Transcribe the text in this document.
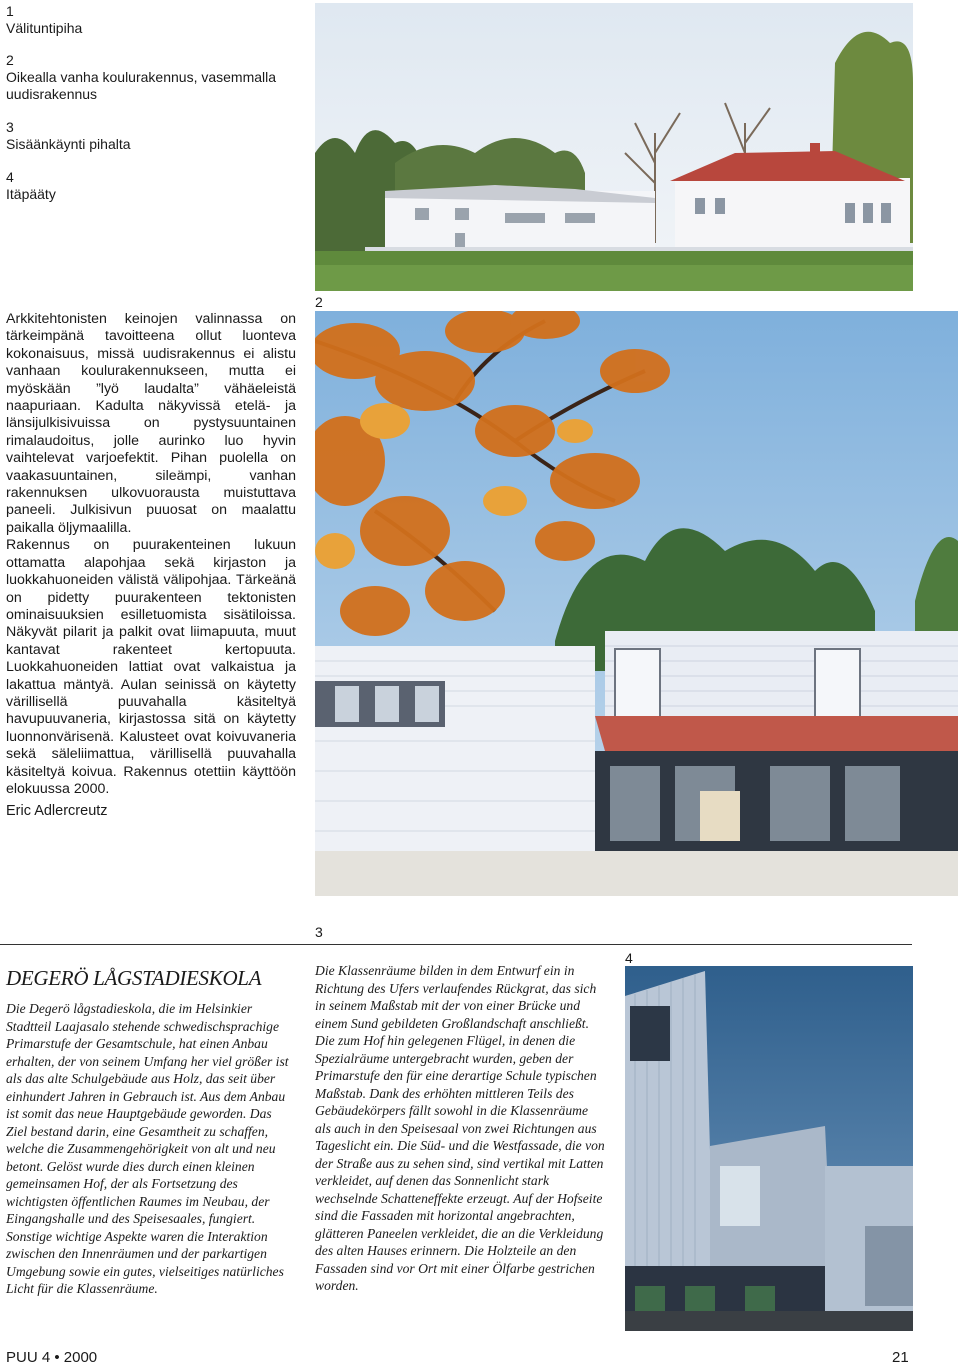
1
Välituntipiha
2
Oikealla vanha koulurakennus, vasemmalla uudisrakennus
3
Sisäänkäynti pihalta
4
Itäpääty

Arkkitehtonisten keinojen valinnassa on tärkeimpänä tavoitteena ollut luonteva kokonaisuus, missä uudisrakennus ei alistu vanhaan koulurakennukseen, mutta ei myöskään ”lyö laudalta” vähäeleistä naapuriaan. Kadulta näkyvissä etelä- ja länsijulkisivuissa on pystysuuntainen rimalaudoitus, jolle aurinko luo hyvin vaihtelevat varjoefektit. Pihan puolella on vaakasuuntainen, sileämpi, vanhan rakennuksen ulkovuorausta muistuttava paneeli. Julkisivun puuosat on maalattu paikalla öljymaalilla.

Rakennus on puurakenteinen lukuun ottamatta alapohjaa sekä kirjaston ja luokkahuoneiden välistä välipohjaa. Tärkeänä on pidetty puurakenteen tektonisten ominaisuuksien esilletuomista sisätiloissa. Näkyvät pilarit ja palkit ovat liimapuuta, muut kantavat rakenteet kertopuuta. Luokkahuoneiden lattiat ovat valkaistua ja lakattua mäntyä. Aulan seinissä on käytetty värillisellä puuvahalla käsiteltyä havupuuvaneria, kirjastossa sitä on käytetty luonnonvärisenä. Kalusteet ovat koivuvaneria sekä säleliimattua, värillisellä puuvahalla käsiteltyä koivua. Rakennus otettiin käyttöön elokuussa 2000.

Eric Adlercreutz
2
3
DEGERÖ LÅGSTADIESKOLA
Die Degerö lågstadieskola, die im Helsinkier Stadtteil Laajasalo stehende schwedischsprachige Primarstufe der Gesamtschule, hat einen Anbau erhalten, der von seinem Umfang her viel größer ist als das alte Schulgebäude aus Holz, das seit über einhundert Jahren in Gebrauch ist. Aus dem Anbau ist somit das neue Hauptgebäude geworden. Das Ziel bestand darin, eine Gesamtheit zu schaffen, welche die Zusammengehörigkeit von alt und neu betont. Gelöst wurde dies durch einen kleinen gemeinsamen Hof, der als Fortsetzung des wichtigsten öffentlichen Raumes im Neubau, der Eingangshalle und des Speisesaales, fungiert. Sonstige wichtige Aspekte waren die Interaktion zwischen den Innenräumen und der parkartigen Umgebung sowie ein gutes, vielseitiges natürliches Licht für die Klassenräume.
Die Klassenräume bilden in dem Entwurf ein in Richtung des Ufers verlaufendes Rückgrat, das sich in seinem Maßstab mit der von einer Brücke und einem Sund gebildeten Großlandschaft anschließt. Die zum Hof hin gelegenen Flügel, in denen die Spezialräume untergebracht wurden, geben der Primarstufe den für eine derartige Schule typischen Maßstab. Dank des erhöhten mittleren Teils des Gebäudekörpers fällt sowohl in die Klassenräume als auch in den Speisesaal von zwei Richtungen aus Tageslicht ein. Die Süd- und die Westfassade, die von der Straße aus zu sehen sind, sind vertikal mit Latten verkleidet, auf denen das Sonnenlicht stark wechselnde Schatteneffekte erzeugt. Auf der Hofseite sind die Fassaden mit horizontal angebrachten, glätteren Paneelen verkleidet, die an die Verkleidung des alten Hauses erinnern. Die Holzteile an den Fassaden sind vor Ort mit einer Ölfarbe gestrichen worden.
4
PUU 4 • 2000	21
